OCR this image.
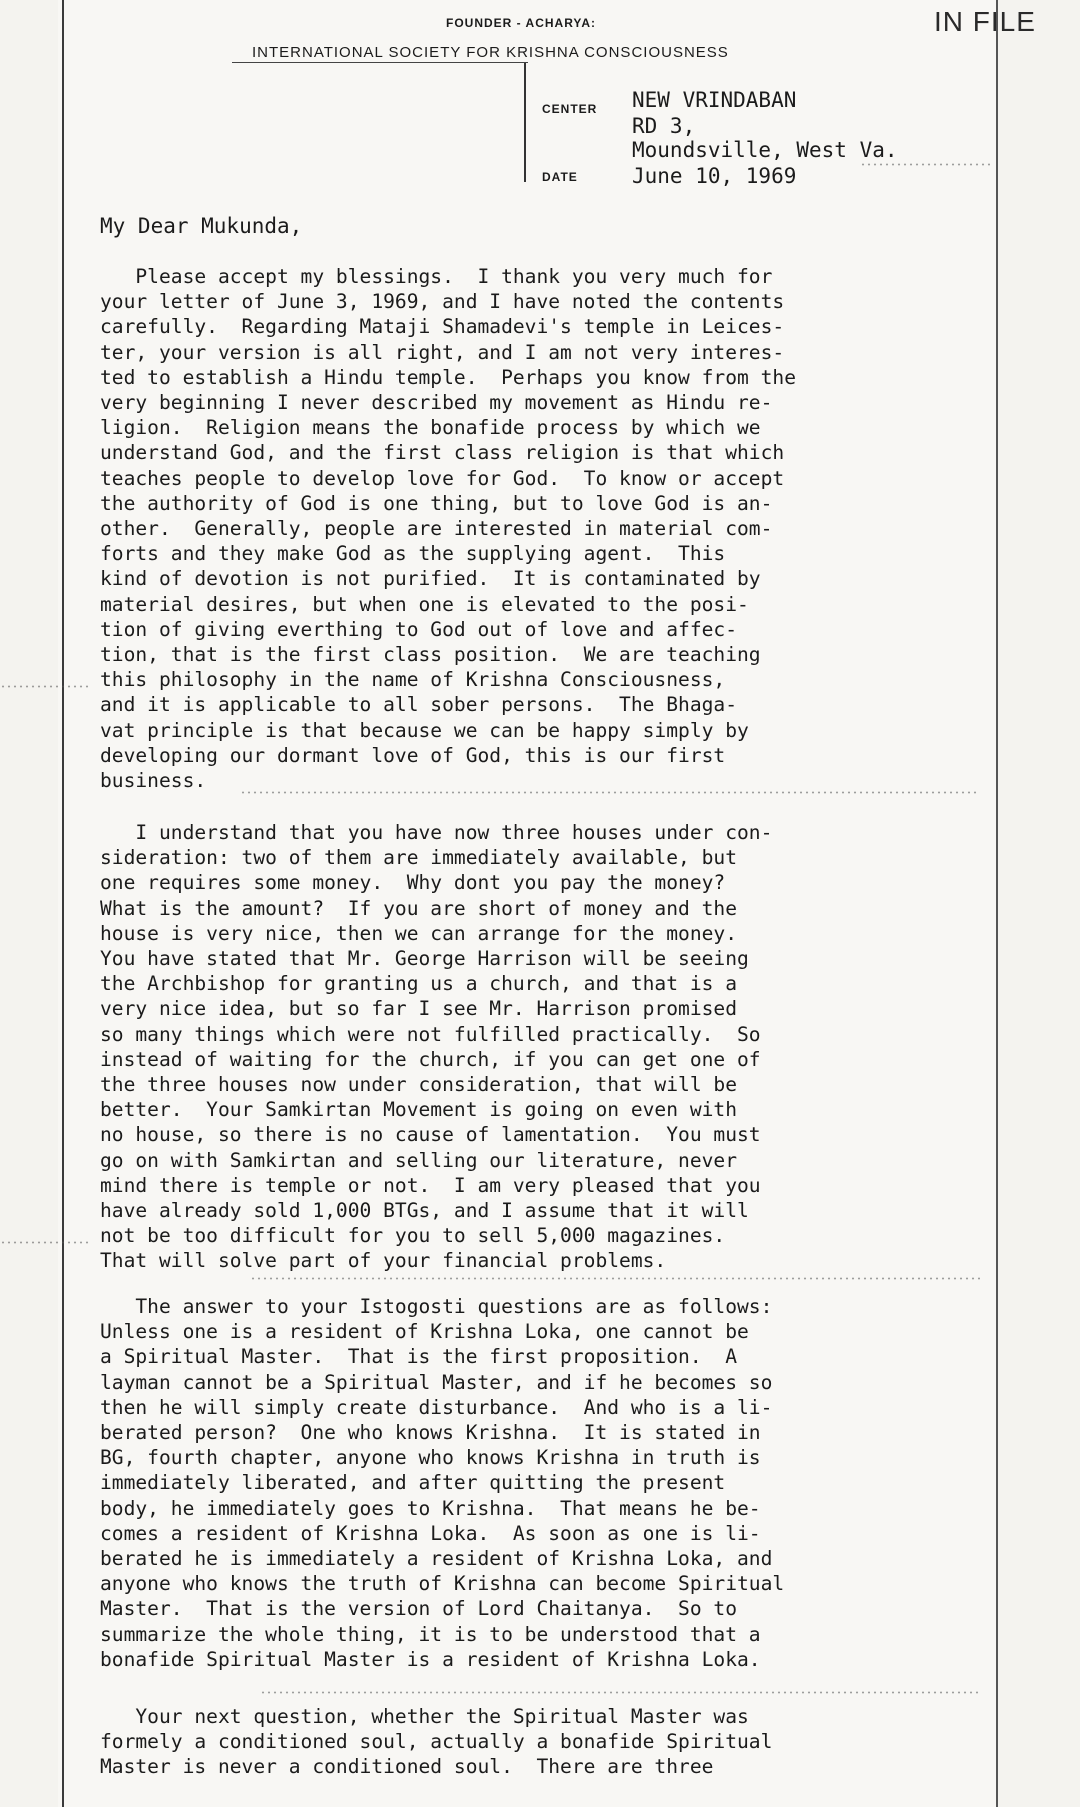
IN FILE
FOUNDER - ACHARYA:
INTERNATIONAL SOCIETY FOR KRISHNA CONSCIOUSNESS
CENTER
DATE
NEW VRINDABAN
RD 3,
Moundsville, West Va.
June 10, 1969
My Dear Mukunda,

Please accept my blessings.  I thank you very much for
your letter of June 3, 1969, and I have noted the contents
carefully.  Regarding Mataji Shamadevi's temple in Leices-
ter, your version is all right, and I am not very interes-
ted to establish a Hindu temple.  Perhaps you know from the
very beginning I never described my movement as Hindu re-
ligion.  Religion means the bonafide process by which we
understand God, and the first class religion is that which
teaches people to develop love for God.  To know or accept
the authority of God is one thing, but to love God is an-
other.  Generally, people are interested in material com-
forts and they make God as the supplying agent.  This
kind of devotion is not purified.  It is contaminated by
material desires, but when one is elevated to the posi-
tion of giving everthing to God out of love and affec-
tion, that is the first class position.  We are teaching
this philosophy in the name of Krishna Consciousness,
and it is applicable to all sober persons.  The Bhaga-
vat principle is that because we can be happy simply by
developing our dormant love of God, this is our first
business.

I understand that you have now three houses under con-
sideration: two of them are immediately available, but
one requires some money.  Why dont you pay the money?
What is the amount?  If you are short of money and the
house is very nice, then we can arrange for the money.
You have stated that Mr. George Harrison will be seeing
the Archbishop for granting us a church, and that is a
very nice idea, but so far I see Mr. Harrison promised
so many things which were not fulfilled practically.  So
instead of waiting for the church, if you can get one of
the three houses now under consideration, that will be
better.  Your Samkirtan Movement is going on even with
no house, so there is no cause of lamentation.  You must
go on with Samkirtan and selling our literature, never
mind there is temple or not.  I am very pleased that you
have already sold 1,000 BTGs, and I assume that it will
not be too difficult for you to sell 5,000 magazines.
That will solve part of your financial problems.

The answer to your Istogosti questions are as follows:
Unless one is a resident of Krishna Loka, one cannot be
a Spiritual Master.  That is the first proposition.  A
layman cannot be a Spiritual Master, and if he becomes so
then he will simply create disturbance.  And who is a li-
berated person?  One who knows Krishna.  It is stated in
BG, fourth chapter, anyone who knows Krishna in truth is
immediately liberated, and after quitting the present
body, he immediately goes to Krishna.  That means he be-
comes a resident of Krishna Loka.  As soon as one is li-
berated he is immediately a resident of Krishna Loka, and
anyone who knows the truth of Krishna can become Spiritual
Master.  That is the version of Lord Chaitanya.  So to
summarize the whole thing, it is to be understood that a
bonafide Spiritual Master is a resident of Krishna Loka.

Your next question, whether the Spiritual Master was
formely a conditioned soul, actually a bonafide Spiritual
Master is never a conditioned soul.  There are three
